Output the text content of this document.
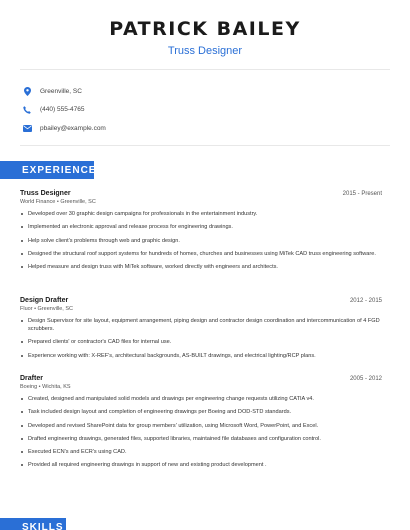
PATRICK BAILEY
Truss Designer
Greenville, SC
(440) 555-4765
pbailey@example.com
EXPERIENCE
Truss Designer	2015 - Present
World Finance • Greenville, SC
Developed over 30 graphic design campaigns for professionals in the entertainment industry.
Implemented an electronic approval and release process for engineering drawings.
Help solve client's problems through web and graphic design.
Designed the structural roof support systems for hundreds of homes, churches and businesses using MiTek CAD truss engineering software.
Helped measure and design truss with MiTek software, worked directly with engineers and architects.
Design Drafter	2012 - 2015
Fluor • Greenville, SC
Design Supervisor for site layout, equipment arrangement, piping design and contractor design coordination and intercommunication of 4 FGD scrubbers.
Prepared clients' or contractor's CAD files for internal use.
Experience working with: X-REF's, architectural backgrounds, AS-BUILT drawings, and electrical lighting/RCP plans.
Drafter	2005 - 2012
Boeing • Wichita, KS
Created, designed and manipulated solid models and drawings per engineering change requests utilizing CATIA v4.
Task included design layout and completion of engineering drawings per Boeing and DOD-STD standards.
Developed and revised SharePoint data for group members' utilization, using Microsoft Word, PowerPoint, and Excel.
Drafted engineering drawings, generated files, supported libraries, maintained file databases and configuration control.
Executed ECN's and ECR's using CAD.
Provided all required engineering drawings in support of new and existing product development .
SKILLS
